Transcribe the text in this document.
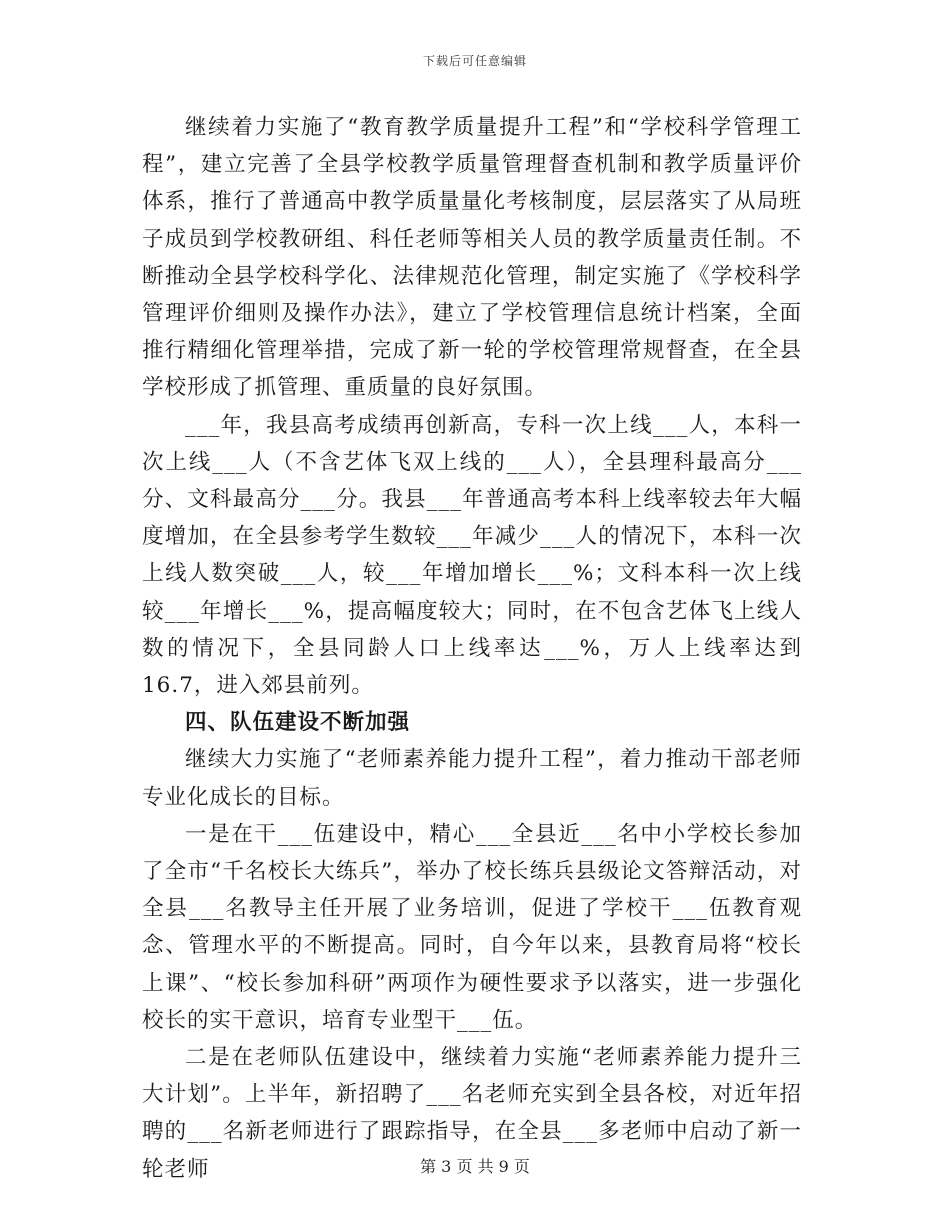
下载后可任意编辑

继续着力实施了“教育教学质量提升工程”和“学校科学管理工程”，建立完善了全县学校教学质量管理督查机制和教学质量评价体系，推行了普通高中教学质量量化考核制度，层层落实了从局班子成员到学校教研组、科任老师等相关人员的教学质量责任制。不断推动全县学校科学化、法律规范化管理，制定实施了《学校科学管理评价细则及操作办法》，建立了学校管理信息统计档案，全面推行精细化管理举措，完成了新一轮的学校管理常规督查，在全县学校形成了抓管理、重质量的良好氛围。

___年，我县高考成绩再创新高，专科一次上线___人，本科一次上线___人（不含艺体飞双上线的___人），全县理科最高分___分、文科最高分___分。我县___年普通高考本科上线率较去年大幅度增加，在全县参考学生数较___年减少___人的情况下，本科一次上线人数突破___人，较___年增加增长___%；文科本科一次上线较___年增长___%，提高幅度较大；同时，在不包含艺体飞上线人数的情况下，全县同龄人口上线率达___%，万人上线率达到16.7，进入郊县前列。

四、队伍建设不断加强

继续大力实施了“老师素养能力提升工程”，着力推动干部老师专业化成长的目标。

一是在干___伍建设中，精心___全县近___名中小学校长参加了全市“千名校长大练兵”，举办了校长练兵县级论文答辩活动，对全县___名教导主任开展了业务培训，促进了学校干___伍教育观念、管理水平的不断提高。同时，自今年以来，县教育局将“校长上课”、“校长参加科研”两项作为硬性要求予以落实，进一步强化校长的实干意识，培育专业型干___伍。

二是在老师队伍建设中，继续着力实施“老师素养能力提升三大计划”。上半年，新招聘了___名老师充实到全县各校，对近年招聘的___名新老师进行了跟踪指导，在全县___多老师中启动了新一轮老师	第 3 页 共 9 页
